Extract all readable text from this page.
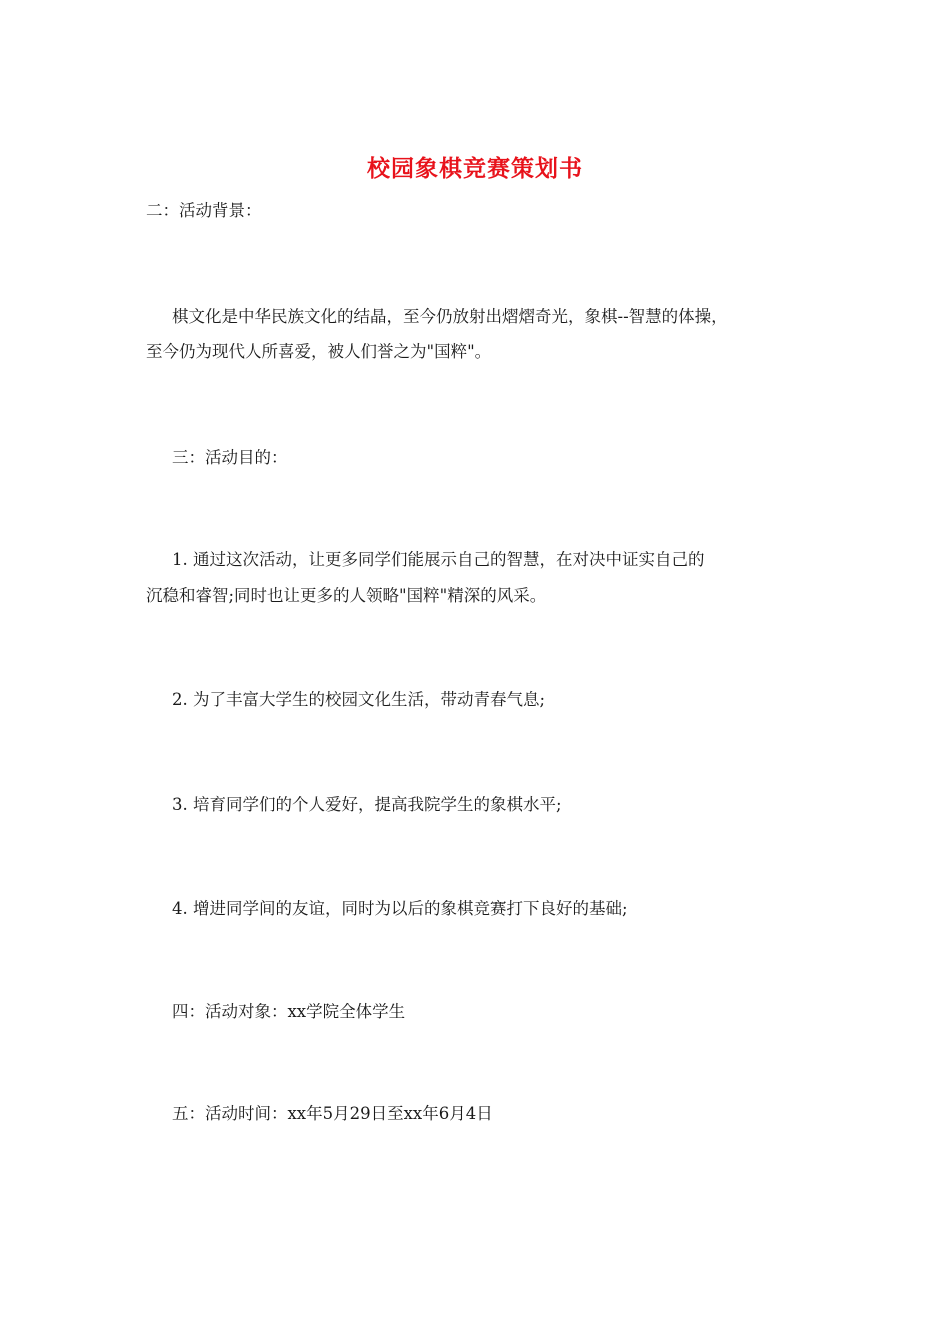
校园象棋竞赛策划书
二：活动背景：
棋文化是中华民族文化的结晶，至今仍放射出熠熠奇光，象棋--智慧的体操，
至今仍为现代人所喜爱，被人们誉之为"国粹"。
三：活动目的：
1. 通过这次活动，让更多同学们能展示自己的智慧，在对决中证实自己的
沉稳和睿智;同时也让更多的人领略"国粹"精深的风采。
2. 为了丰富大学生的校园文化生活，带动青春气息;
3. 培育同学们的个人爱好，提高我院学生的象棋水平;
4. 增进同学间的友谊，同时为以后的象棋竞赛打下良好的基础;
四：活动对象：xx学院全体学生
五：活动时间：xx年5月29日至xx年6月4日
